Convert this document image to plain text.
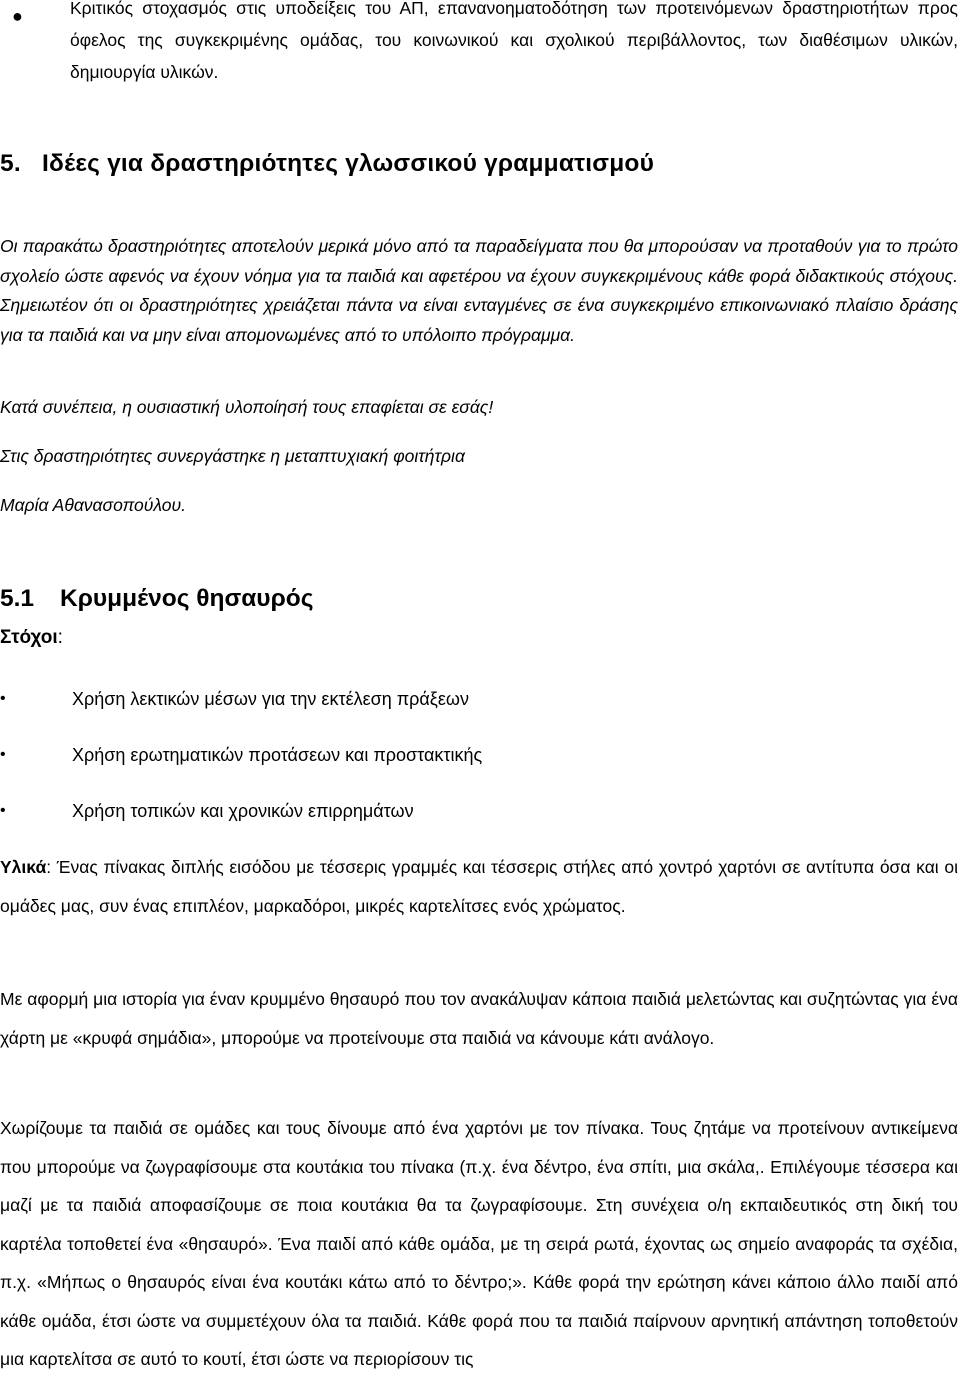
●	Κριτικός στοχασμός στις υποδείξεις του ΑΠ, επανανοηματοδότηση των προτεινόμενων δραστηριοτήτων προς όφελος της συγκεκριμένης ομάδας, του κοινωνικού και σχολικού περιβάλλοντος, των διαθέσιμων υλικών, δημιουργία υλικών.
5. Ιδέες για δραστηριότητες γλωσσικού γραμματισμού
Οι παρακάτω δραστηριότητες αποτελούν μερικά μόνο από τα παραδείγματα που θα μπορούσαν να προταθούν για το πρώτο σχολείο ώστε αφενός να έχουν νόημα για τα παιδιά και αφετέρου να έχουν συγκεκριμένους κάθε φορά διδακτικούς στόχους. Σημειωτέον ότι οι δραστηριότητες χρειάζεται πάντα να είναι ενταγμένες σε ένα συγκεκριμένο επικοινωνιακό πλαίσιο δράσης για τα παιδιά και να μην είναι απομονωμένες από το υπόλοιπο πρόγραμμα.
Κατά συνέπεια, η ουσιαστική υλοποίησή τους επαφίεται σε εσάς!
Στις δραστηριότητες συνεργάστηκε η μεταπτυχιακή φοιτήτρια
Μαρία Αθανασοπούλου.
5.1 Κρυμμένος θησαυρός
Στόχοι:
•	Χρήση λεκτικών μέσων για την εκτέλεση πράξεων
•	Χρήση ερωτηματικών προτάσεων και προστακτικής
•	Χρήση τοπικών και χρονικών επιρρημάτων
Υλικά: Ένας πίνακας διπλής εισόδου με τέσσερις γραμμές και τέσσερις στήλες από χοντρό χαρτόνι σε αντίτυπα όσα και οι ομάδες μας, συν ένας επιπλέον, μαρκαδόροι, μικρές καρτελίτσες ενός χρώματος.
Με αφορμή μια ιστορία για έναν κρυμμένο θησαυρό που τον ανακάλυψαν κάποια παιδιά μελετώντας και συζητώντας για ένα χάρτη με «κρυφά σημάδια», μπορούμε να προτείνουμε στα παιδιά να κάνουμε κάτι ανάλογο.
Χωρίζουμε τα παιδιά σε ομάδες και τους δίνουμε από ένα χαρτόνι με τον πίνακα. Τους ζητάμε να προτείνουν αντικείμενα που μπορούμε να ζωγραφίσουμε στα κουτάκια του πίνακα (π.χ. ένα δέντρο, ένα σπίτι, μια σκάλα,. Επιλέγουμε τέσσερα και μαζί με τα παιδιά αποφασίζουμε σε ποια κουτάκια θα τα ζωγραφίσουμε. Στη συνέχεια ο/η εκπαιδευτικός στη δική του καρτέλα τοποθετεί ένα «θησαυρό». Ένα παιδί από κάθε ομάδα, με τη σειρά ρωτά, έχοντας ως σημείο αναφοράς τα σχέδια, π.χ. «Μήπως ο θησαυρός είναι ένα κουτάκι κάτω από το δέντρο;». Κάθε φορά την ερώτηση κάνει κάποιο άλλο παιδί από κάθε ομάδα, έτσι ώστε να συμμετέχουν όλα τα παιδιά. Κάθε φορά που τα παιδιά παίρνουν αρνητική απάντηση τοποθετούν μια καρτελίτσα σε αυτό το κουτί, έτσι ώστε να περιορίσουν τις
